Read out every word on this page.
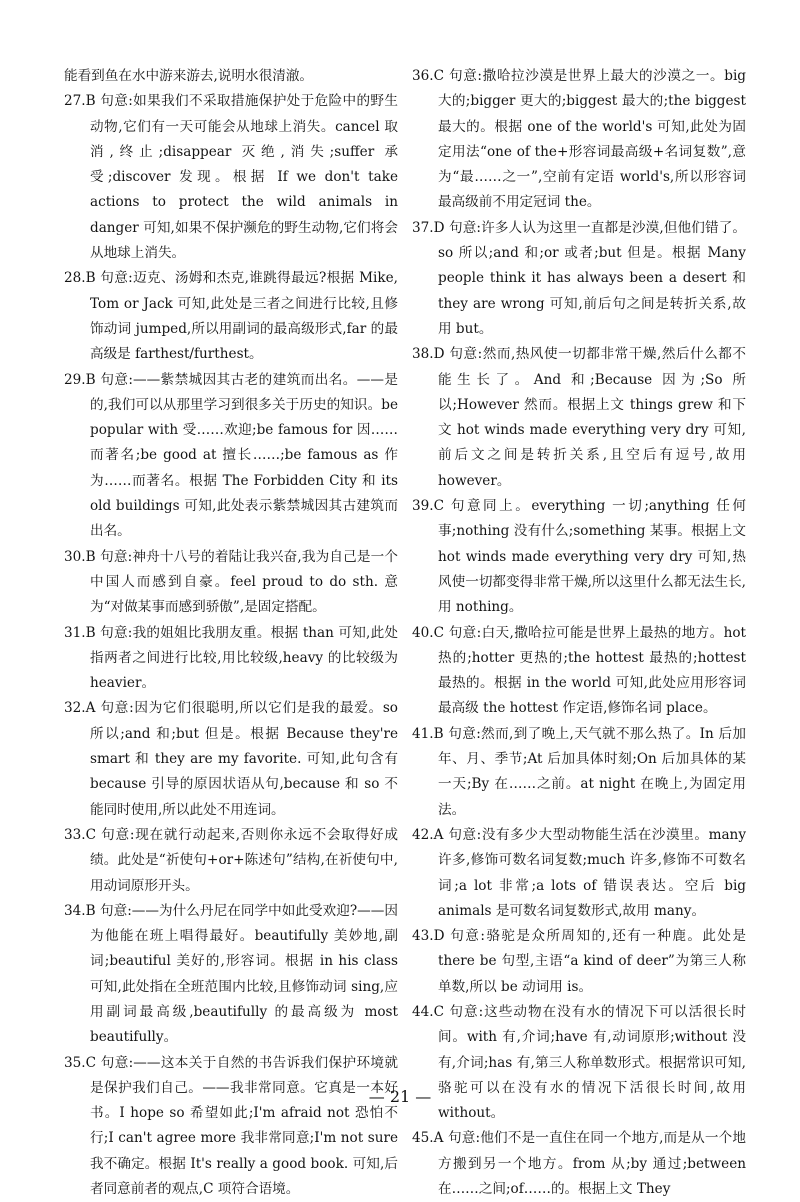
能看到鱼在水中游来游去,说明水很清澈。

27.B 句意:如果我们不采取措施保护处于危险中的野生动物,它们有一天可能会从地球上消失。cancel 取消,终止;disappear 灭绝,消失;suffer 承受;discover 发现。根据 If we don't take actions to protect the wild animals in danger 可知,如果不保护濒危的野生动物,它们将会从地球上消失。

28.B 句意:迈克、汤姆和杰克,谁跳得最远?根据 Mike, Tom or Jack 可知,此处是三者之间进行比较,且修饰动词 jumped,所以用副词的最高级形式,far 的最高级是 farthest/furthest。

29.B 句意:——紫禁城因其古老的建筑而出名。——是的,我们可以从那里学习到很多关于历史的知识。be popular with 受……欢迎;be famous for 因……而著名;be good at 擅长……;be famous as 作为……而著名。根据 The Forbidden City 和 its old buildings 可知,此处表示紫禁城因其古建筑而出名。

30.B 句意:神舟十八号的着陆让我兴奋,我为自己是一个中国人而感到自豪。feel proud to do sth. 意为“对做某事而感到骄傲”,是固定搭配。

31.B 句意:我的姐姐比我朋友重。根据 than 可知,此处指两者之间进行比较,用比较级,heavy 的比较级为 heavier。

32.A 句意:因为它们很聪明,所以它们是我的最爱。so 所以;and 和;but 但是。根据 Because they're smart 和 they are my favorite. 可知,此句含有 because 引导的原因状语从句,because 和 so 不能同时使用,所以此处不用连词。

33.C 句意:现在就行动起来,否则你永远不会取得好成绩。此处是“祈使句+or+陈述句”结构,在祈使句中,用动词原形开头。

34.B 句意:——为什么丹尼在同学中如此受欢迎?——因为他能在班上唱得最好。beautifully 美妙地,副词;beautiful 美好的,形容词。根据 in his class 可知,此处指在全班范围内比较,且修饰动词 sing,应用副词最高级,beautifully 的最高级为 most beautifully。

35.C 句意:——这本关于自然的书告诉我们保护环境就是保护我们自己。——我非常同意。它真是一本好书。I hope so 希望如此;I'm afraid not 恐怕不行;I can't agree more 我非常同意;I'm not sure 我不确定。根据 It's really a good book. 可知,后者同意前者的观点,C 项符合语境。

36.C 句意:撒哈拉沙漠是世界上最大的沙漠之一。big 大的;bigger 更大的;biggest 最大的;the biggest 最大的。根据 one of the world's 可知,此处为固定用法“one of the+形容词最高级+名词复数”,意为“最……之一”,空前有定语 world's,所以形容词最高级前不用定冠词 the。

37.D 句意:许多人认为这里一直都是沙漠,但他们错了。so 所以;and 和;or 或者;but 但是。根据 Many people think it has always been a desert 和 they are wrong 可知,前后句之间是转折关系,故用 but。

38.D 句意:然而,热风使一切都非常干燥,然后什么都不能生长了。And 和;Because 因为;So 所以;However 然而。根据上文 things grew 和下文 hot winds made everything very dry 可知,前后文之间是转折关系,且空后有逗号,故用 however。

39.C 句意同上。everything 一切;anything 任何事;nothing 没有什么;something 某事。根据上文 hot winds made everything very dry 可知,热风使一切都变得非常干燥,所以这里什么都无法生长,用 nothing。

40.C 句意:白天,撒哈拉可能是世界上最热的地方。hot 热的;hotter 更热的;the hottest 最热的;hottest 最热的。根据 in the world 可知,此处应用形容词最高级 the hottest 作定语,修饰名词 place。

41.B 句意:然而,到了晚上,天气就不那么热了。In 后加年、月、季节;At 后加具体时刻;On 后加具体的某一天;By 在……之前。at night 在晚上,为固定用法。

42.A 句意:没有多少大型动物能生活在沙漠里。many 许多,修饰可数名词复数;much 许多,修饰不可数名词;a lot 非常;a lots of 错误表达。空后 big animals 是可数名词复数形式,故用 many。

43.D 句意:骆驼是众所周知的,还有一种鹿。此处是 there be 句型,主语“a kind of deer”为第三人称单数,所以 be 动词用 is。

44.C 句意:这些动物在没有水的情况下可以活很长时间。with 有,介词;have 有,动词原形;without 没有,介词;has 有,第三人称单数形式。根据常识可知,骆驼可以在没有水的情况下活很长时间,故用 without。

45.A 句意:他们不是一直住在同一个地方,而是从一个地方搬到另一个地方。from 从;by 通过;between 在……之间;of……的。根据上文 They

— 21 —
